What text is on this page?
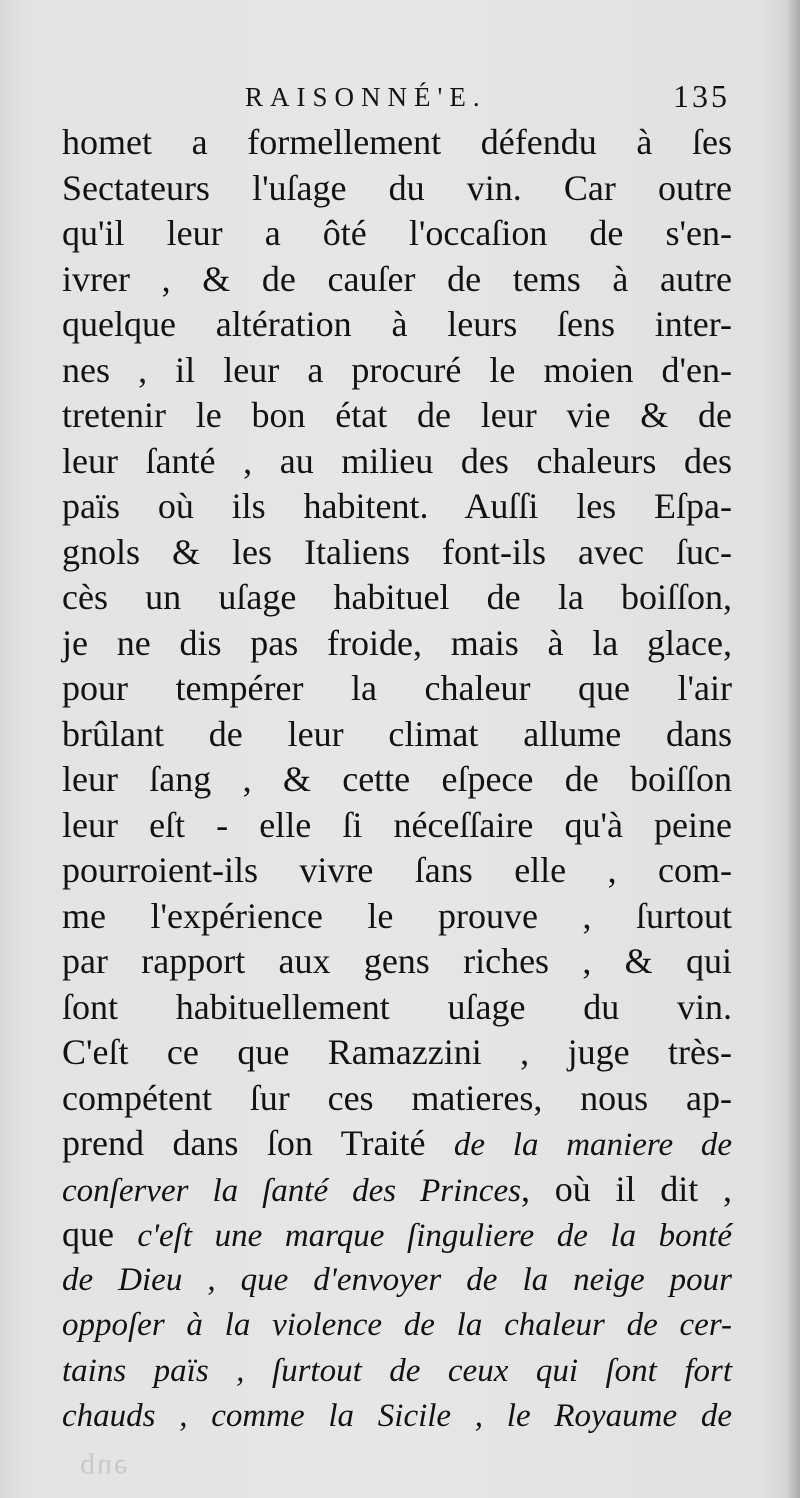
RAISONNÉ'E.	135
homet a formellement défendu à ſes
Sectateurs l'uſage du vin. Car outre
qu'il leur a ôté l'occaſion de s'en-
ivrer , & de cauſer de tems à autre
quelque altération à leurs ſens inter-
nes , il leur a procuré le moien d'en-
tretenir le bon état de leur vie & de
leur ſanté , au milieu des chaleurs des
païs où ils habitent. Auſſi les Eſpa-
gnols & les Italiens font-ils avec ſuc-
cès un uſage habituel de la boiſſon,
je ne dis pas froide, mais à la glace,
pour tempérer la chaleur que l'air
brûlant de leur climat allume dans
leur ſang , & cette eſpece de boiſſon
leur eſt - elle ſi néceſſaire qu'à peine
pourroient-ils vivre ſans elle , com-
me l'expérience le prouve , ſurtout
par rapport aux gens riches , & qui
ſont habituellement uſage du vin.
C'eſt ce que Ramazzini , juge très-
compétent ſur ces matieres, nous ap-
prend dans ſon Traité de la maniere de
conſerver la ſanté des Princes, où il dit ,
que c'eſt une marque ſinguliere de la bonté
de Dieu , que d'envoyer de la neige pour
oppoſer à la violence de la chaleur de cer-
tains païs , ſurtout de ceux qui ſont fort
chauds , comme la Sicile , le Royaume de
que
